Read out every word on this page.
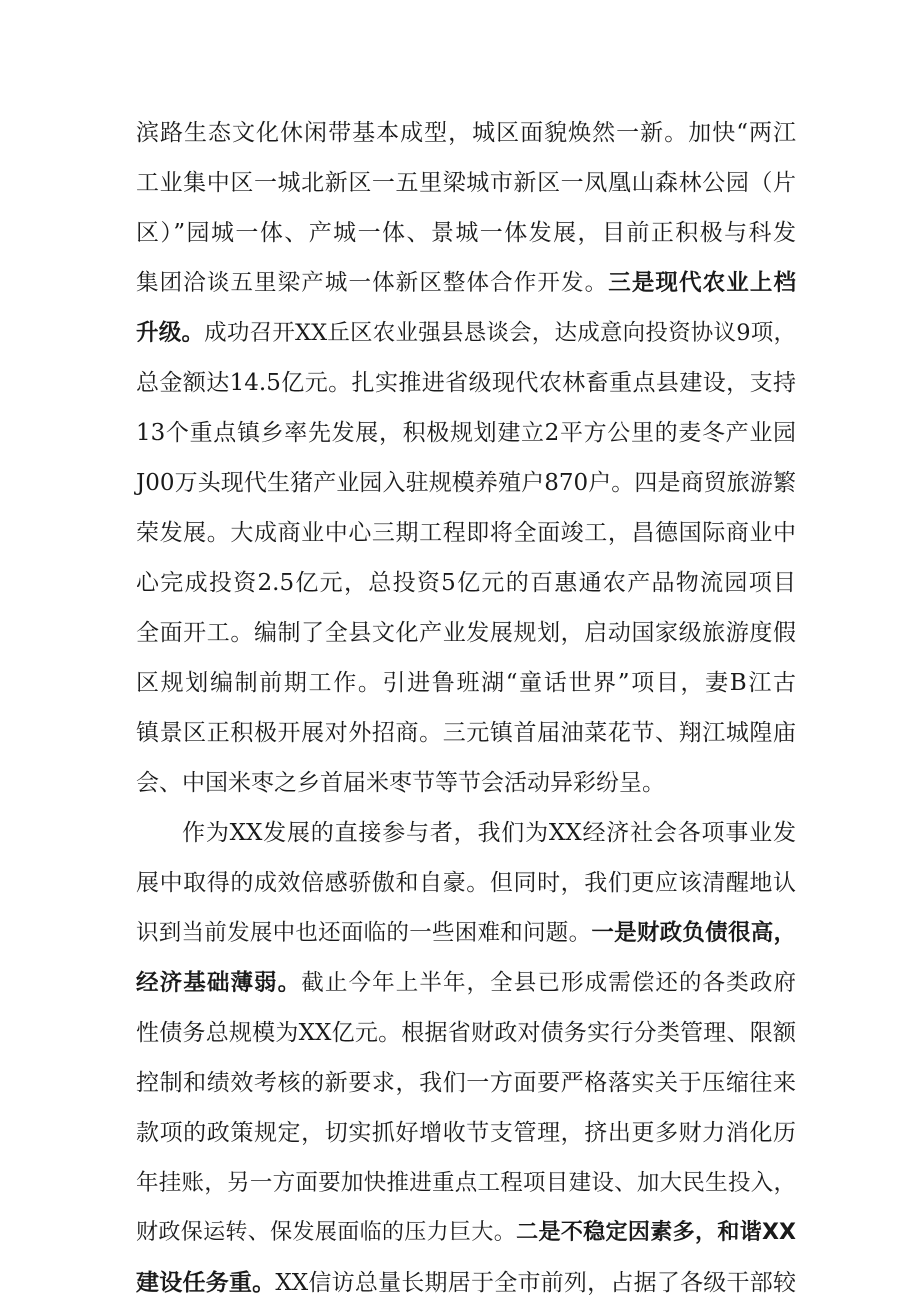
滨路生态文化休闲带基本成型，城区面貌焕然一新。加快“两江
工业集中区一城北新区一五里梁城市新区一凤凰山森林公园（片
区）”园城一体、产城一体、景城一体发展，目前正积极与科发
集团洽谈五里梁产城一体新区整体合作开发。三是现代农业上档
升级。成功召开XX丘区农业强县恳谈会，达成意向投资协议9项，
总金额达14.5亿元。扎实推进省级现代农林畜重点县建设，支持
13个重点镇乡率先发展，积极规划建立2平方公里的麦冬产业园
J00万头现代生猪产业园入驻规模养殖户870户。四是商贸旅游繁
荣发展。大成商业中心三期工程即将全面竣工，昌德国际商业中
心完成投资2.5亿元，总投资5亿元的百惠通农产品物流园项目
全面开工。编制了全县文化产业发展规划，启动国家级旅游度假
区规划编制前期工作。引进鲁班湖“童话世界”项目，妻B江古
镇景区正积极开展对外招商。三元镇首届油菜花节、翔江城隍庙
会、中国米枣之乡首届米枣节等节会活动异彩纷呈。
作为XX发展的直接参与者，我们为XX经济社会各项事业发
展中取得的成效倍感骄傲和自豪。但同时，我们更应该清醒地认
识到当前发展中也还面临的一些困难和问题。一是财政负债很高，
经济基础薄弱。截止今年上半年，全县已形成需偿还的各类政府
性债务总规模为XX亿元。根据省财政对债务实行分类管理、限额
控制和绩效考核的新要求，我们一方面要严格落实关于压缩往来
款项的政策规定，切实抓好增收节支管理，挤出更多财力消化历
年挂账，另一方面要加快推进重点工程项目建设、加大民生投入，
财政保运转、保发展面临的压力巨大。二是不稳定因素多，和谐XX
建设任务重。XX信访总量长期居于全市前列，占据了各级干部较
